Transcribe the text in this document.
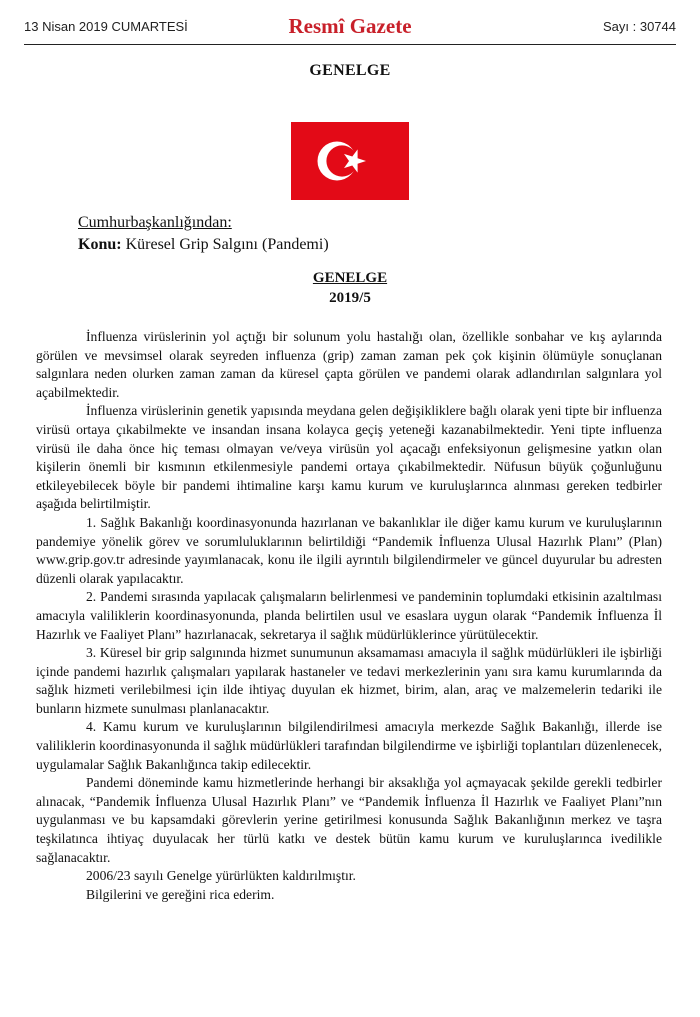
13 Nisan 2019 CUMARTESİ	Resmî Gazete	Sayı : 30744
GENELGE
Cumhurbaşkanlığından:
Konu: Küresel Grip Salgını (Pandemi)
GENELGE
2019/5

İnfluenza virüslerinin yol açtığı bir solunum yolu hastalığı olan, özellikle sonbahar ve kış aylarında görülen ve mevsimsel olarak seyreden influenza (grip) zaman zaman pek çok kişinin ölümüyle sonuçlanan salgınlara neden olurken zaman zaman da küresel çapta görülen ve pandemi olarak adlandırılan salgınlara yol açabilmektedir.

İnfluenza virüslerinin genetik yapısında meydana gelen değişikliklere bağlı olarak yeni tipte bir influenza virüsü ortaya çıkabilmekte ve insandan insana kolayca geçiş yeteneği kazanabilmektedir. Yeni tipte influenza virüsü ile daha önce hiç teması olmayan ve/veya virüsün yol açacağı enfeksiyonun gelişmesine yatkın olan kişilerin önemli bir kısmının etkilenmesiyle pandemi ortaya çıkabilmektedir. Nüfusun büyük çoğunluğunu etkileyebilecek böyle bir pandemi ihtimaline karşı kamu kurum ve kuruluşlarınca alınması gereken tedbirler aşağıda belirtilmiştir.

1. Sağlık Bakanlığı koordinasyonunda hazırlanan ve bakanlıklar ile diğer kamu kurum ve kuruluşlarının pandemiye yönelik görev ve sorumluluklarının belirtildiği “Pandemik İnfluenza Ulusal Hazırlık Planı” (Plan) www.grip.gov.tr adresinde yayımlanacak, konu ile ilgili ayrıntılı bilgilendirmeler ve güncel duyurular bu adresten düzenli olarak yapılacaktır.

2. Pandemi sırasında yapılacak çalışmaların belirlenmesi ve pandeminin toplumdaki etkisinin azaltılması amacıyla valiliklerin koordinasyonunda, planda belirtilen usul ve esaslara uygun olarak “Pandemik İnfluenza İl Hazırlık ve Faaliyet Planı” hazırlanacak, sekretarya il sağlık müdürlüklerince yürütülecektir.

3. Küresel bir grip salgınında hizmet sunumunun aksamaması amacıyla il sağlık müdürlükleri ile işbirliği içinde pandemi hazırlık çalışmaları yapılarak hastaneler ve tedavi merkezlerinin yanı sıra kamu kurumlarında da sağlık hizmeti verilebilmesi için ilde ihtiyaç duyulan ek hizmet, birim, alan, araç ve malzemelerin tedariki ile bunların hizmete sunulması planlanacaktır.

4. Kamu kurum ve kuruluşlarının bilgilendirilmesi amacıyla merkezde Sağlık Bakanlığı, illerde ise valiliklerin koordinasyonunda il sağlık müdürlükleri tarafından bilgilendirme ve işbirliği toplantıları düzenlenecek, uygulamalar Sağlık Bakanlığınca takip edilecektir.

Pandemi döneminde kamu hizmetlerinde herhangi bir aksaklığa yol açmayacak şekilde gerekli tedbirler alınacak, “Pandemik İnfluenza Ulusal Hazırlık Planı” ve “Pandemik İnfluenza İl Hazırlık ve Faaliyet Planı”nın uygulanması ve bu kapsamdaki görevlerin yerine getirilmesi konusunda Sağlık Bakanlığının merkez ve taşra teşkilatınca ihtiyaç duyulacak her türlü katkı ve destek bütün kamu kurum ve kuruluşlarınca ivedilikle sağlanacaktır.

2006/23 sayılı Genelge yürürlükten kaldırılmıştır.

Bilgilerini ve gereğini rica ederim.
